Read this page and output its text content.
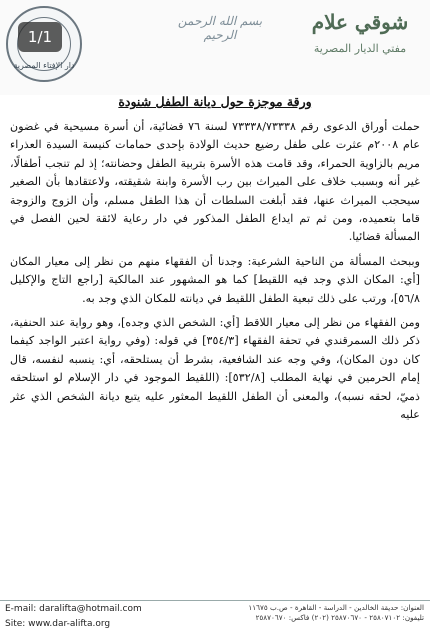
دار الإفتاء المصرية
1/1
بسم الله الرحمن الرحيم
شوقي علام
مفتي الديار المصرية
ورقة موجزة حول ديانة الطفل شنودة

حملت أوراق الدعوى رقم ٧٣٣٣٨/٧٣٣٣٨ لسنة ٧٦ قضائية، أن أسرة مسيحية في غضون عام ٢٠٠٨م عثرت على طفل رضيع حديث الولادة بإحدى حمامات كنيسة السيدة العذراء مريم بالزاوية الحمراء، وقد قامت هذه الأسرة بتربية الطفل وحضانته؛ إذ لم تنجب أطفالًا، غير أنه وبسبب خلاف على الميراث بين رب الأسرة وابنة شقيقته، ولاعتقادها بأن الصغير سيحجب الميراث عنها، فقد أبلغت السلطات أن هذا الطفل مسلم، وأن الزوج والزوجة قاما بتعميده، ومن ثم تم ايداع الطفل المذكور في دار رعاية لائقة لحين الفصل في المسألة قضائيا.

وببحث المسألة من الناحية الشرعية: وجدنا أن الفقهاء منهم من نظر إلى معيار المكان [أي: المكان الذي وجد فيه اللقيط] كما هو المشهور عند المالكية [راجع التاج والإكليل ٥٦/٨]، ورتب على ذلك تبعية الطفل اللقيط في ديانته للمكان الذي وجد به.

ومن الفقهاء من نظر إلى معيار اللاقط [أي: الشخص الذي وجده]، وهو رواية عند الحنفية، ذكر ذلك السمرقندي في تحفة الفقهاء [٣٥٤/٣] في قوله: (وفي رواية اعتبر الواجد كيفما كان دون المكان)، وفي وجه عند الشافعية، بشرط أن يستلحقه، أي: ينسبه لنفسه، قال إمام الحرمين في نهاية المطلب [٥٣٢/٨]: (اللقيط الموجود في دار الإسلام لو استلحقه ذميّ، لحقه نسبه)، والمعنى أن الطفل اللقيط المعثور عليه يتبع ديانة الشخص الذي عثر عليه

E-mail: daralifta@hotmail.com
Site: www.dar-alifta.org
العنوان: حديقة الخالدين - الدراسة - القاهرة - ص.ب ١١٦٧٥
تليفون: ٢٥٨٠٧١٠٢ - ٢٥٨٧٠٦٧٠ (٢٠٢) فاكس: ٢٥٨٧٠٦٧٠
